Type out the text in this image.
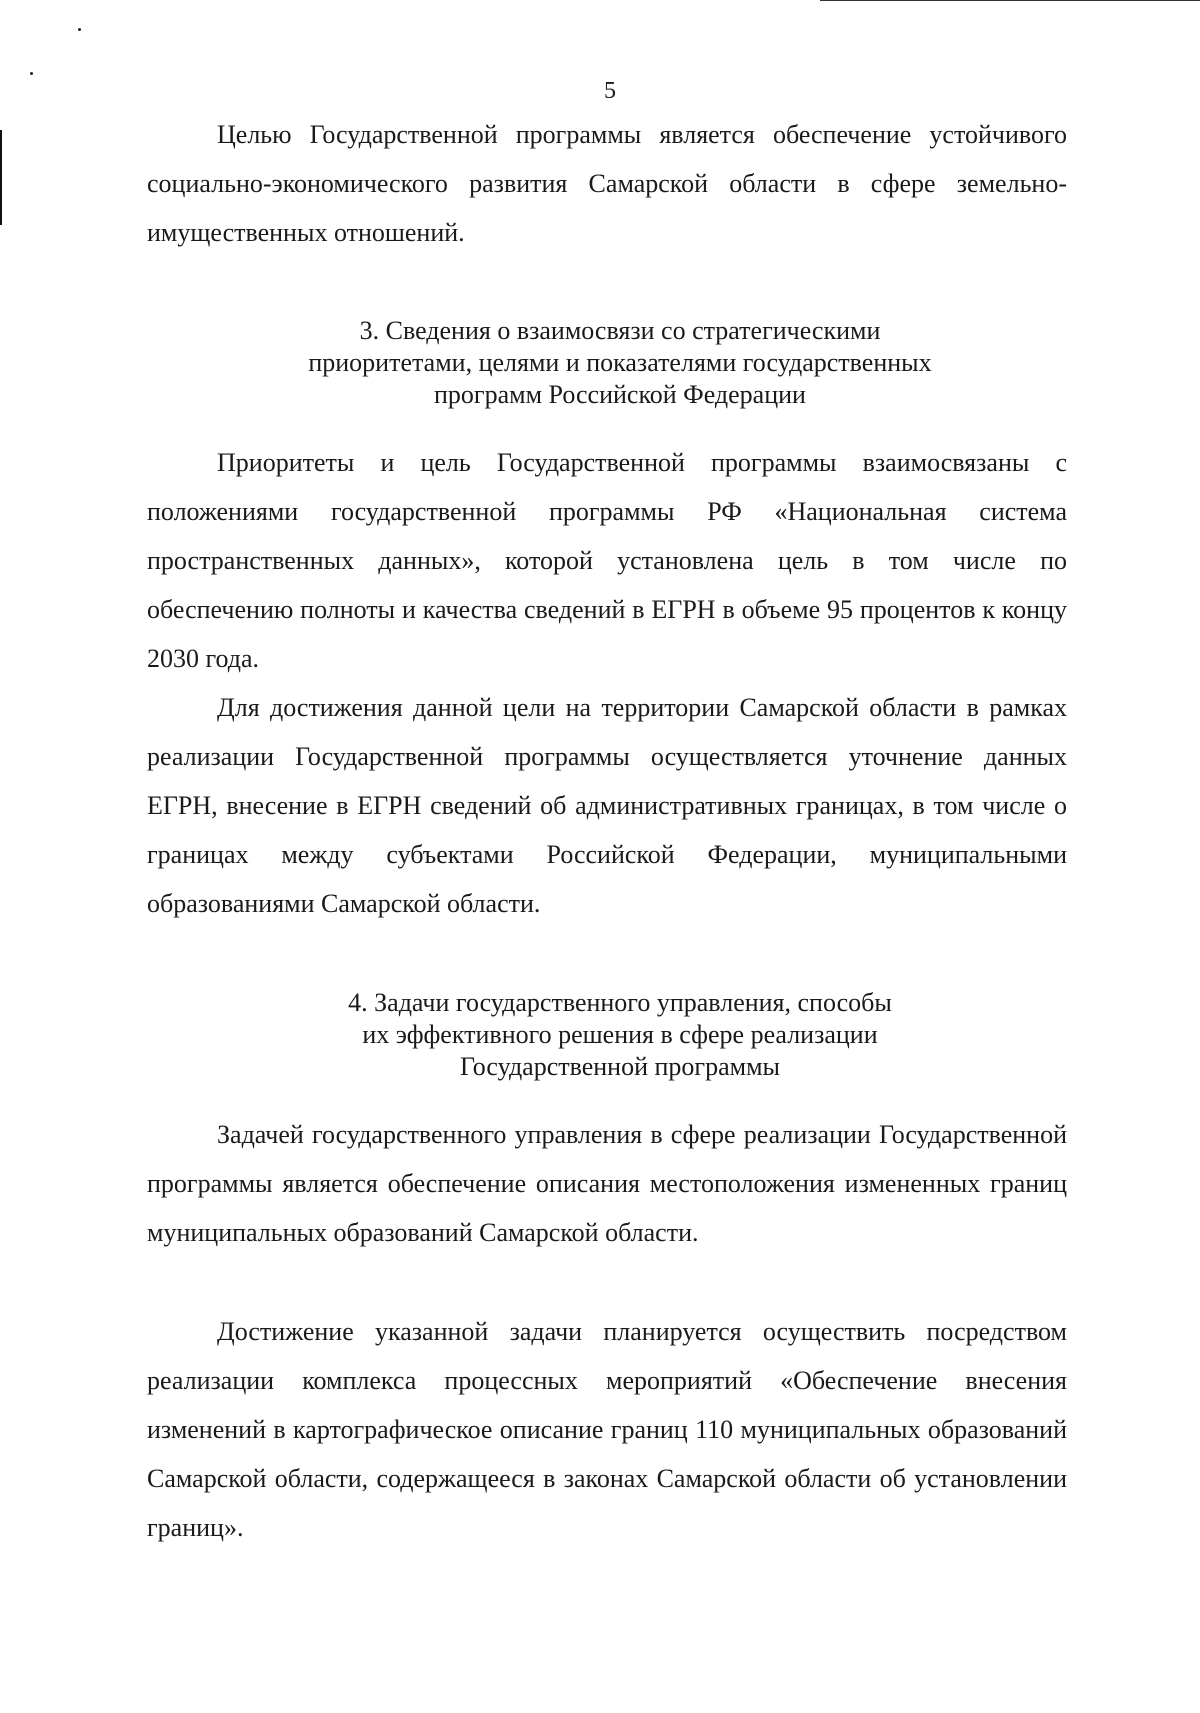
5

Целью Государственной программы является обеспечение устойчивого социально-экономического развития Самарской области в сфере земельно-имущественных отношений.

3. Сведения о взаимосвязи со стратегическими
приоритетами, целями и показателями государственных
программ Российской Федерации

Приоритеты и цель Государственной программы взаимосвязаны с положениями государственной программы РФ «Национальная система пространственных данных», которой установлена цель в том числе по обеспечению полноты и качества сведений в ЕГРН в объеме 95 процентов к концу 2030 года.

Для достижения данной цели на территории Самарской области в рамках реализации Государственной программы осуществляется уточнение данных ЕГРН, внесение в ЕГРН сведений об административных границах, в том числе о границах между субъектами Российской Федерации, муниципальными образованиями Самарской области.

4. Задачи государственного управления, способы
их эффективного решения в сфере реализации
Государственной программы

Задачей государственного управления в сфере реализации Государственной программы является обеспечение описания местоположения измененных границ муниципальных образований Самарской области.

Достижение указанной задачи планируется осуществить посредством реализации комплекса процессных мероприятий «Обеспечение внесения изменений в картографическое описание границ 110 муниципальных образований Самарской области, содержащееся в законах Самарской области об установлении границ».
